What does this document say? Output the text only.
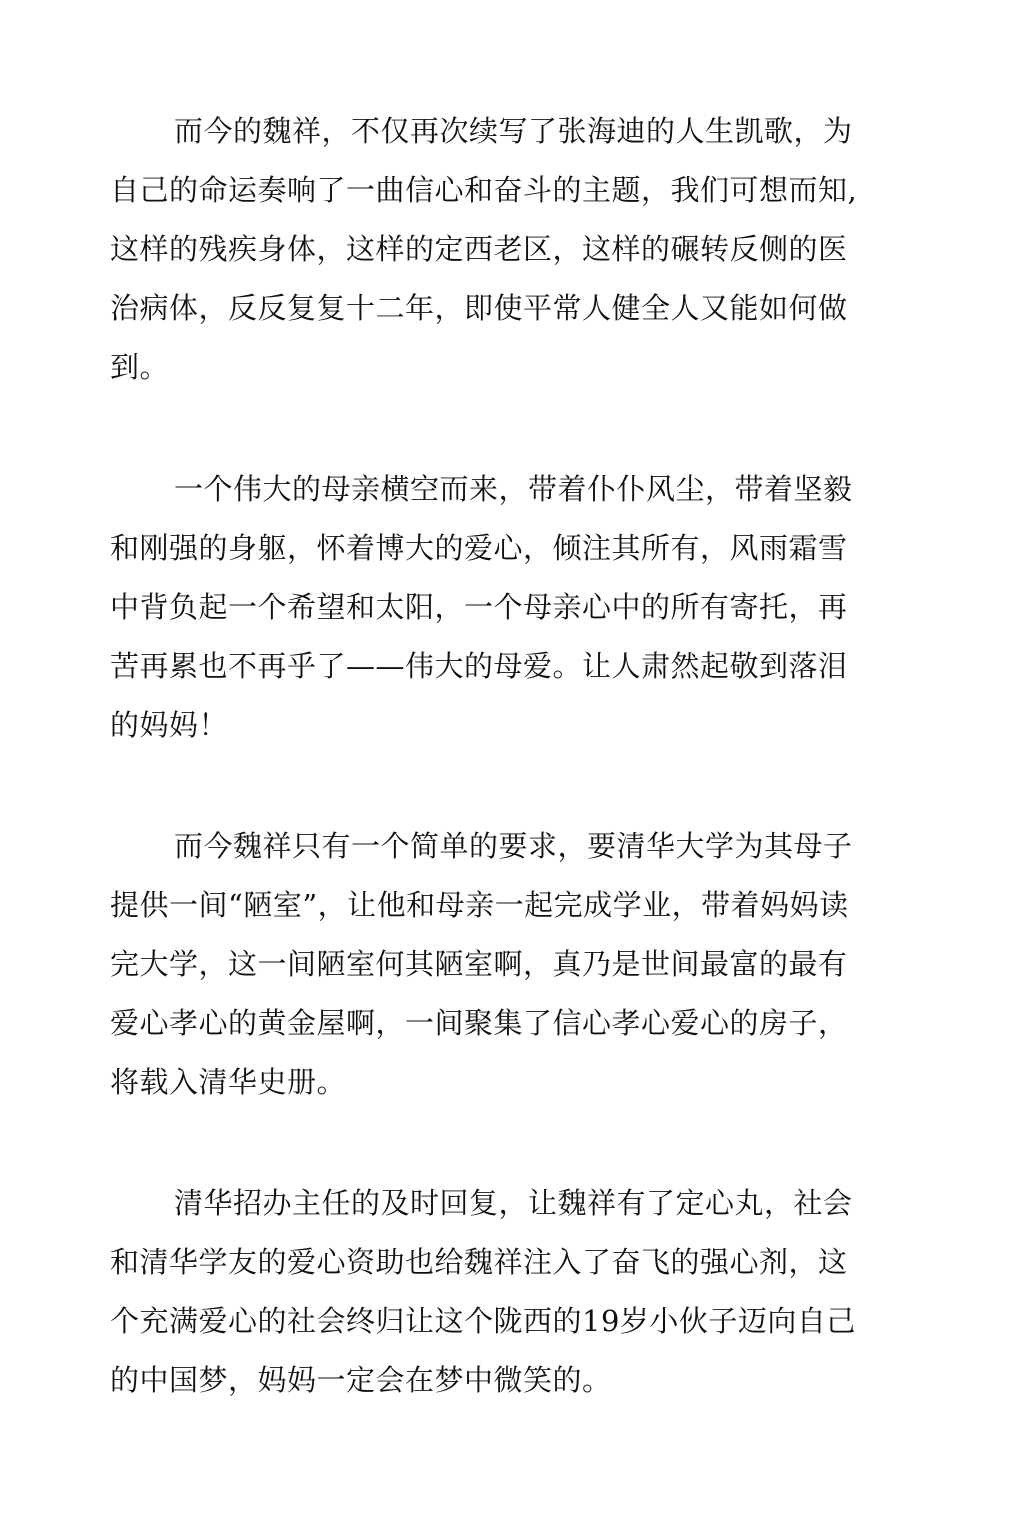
而今的魏祥，不仅再次续写了张海迪的人生凯歌，为
自己的命运奏响了一曲信心和奋斗的主题，我们可想而知,
这样的残疾身体，这样的定西老区，这样的碾转反侧的医
治病体，反反复复十二年，即使平常人健全人又能如何做
到。

一个伟大的母亲横空而来，带着仆仆风尘，带着坚毅
和刚强的身躯，怀着博大的爱心，倾注其所有，风雨霜雪
中背负起一个希望和太阳，一个母亲心中的所有寄托，再
苦再累也不再乎了——伟大的母爱。让人肃然起敬到落泪
的妈妈！

而今魏祥只有一个简单的要求，要清华大学为其母子
提供一间“陋室”，让他和母亲一起完成学业，带着妈妈读
完大学，这一间陋室何其陋室啊，真乃是世间最富的最有
爱心孝心的黄金屋啊，一间聚集了信心孝心爱心的房子，
将载入清华史册。

清华招办主任的及时回复，让魏祥有了定心丸，社会
和清华学友的爱心资助也给魏祥注入了奋飞的强心剂，这
个充满爱心的社会终归让这个陇西的19岁小伙子迈向自己
的中国梦，妈妈一定会在梦中微笑的。
